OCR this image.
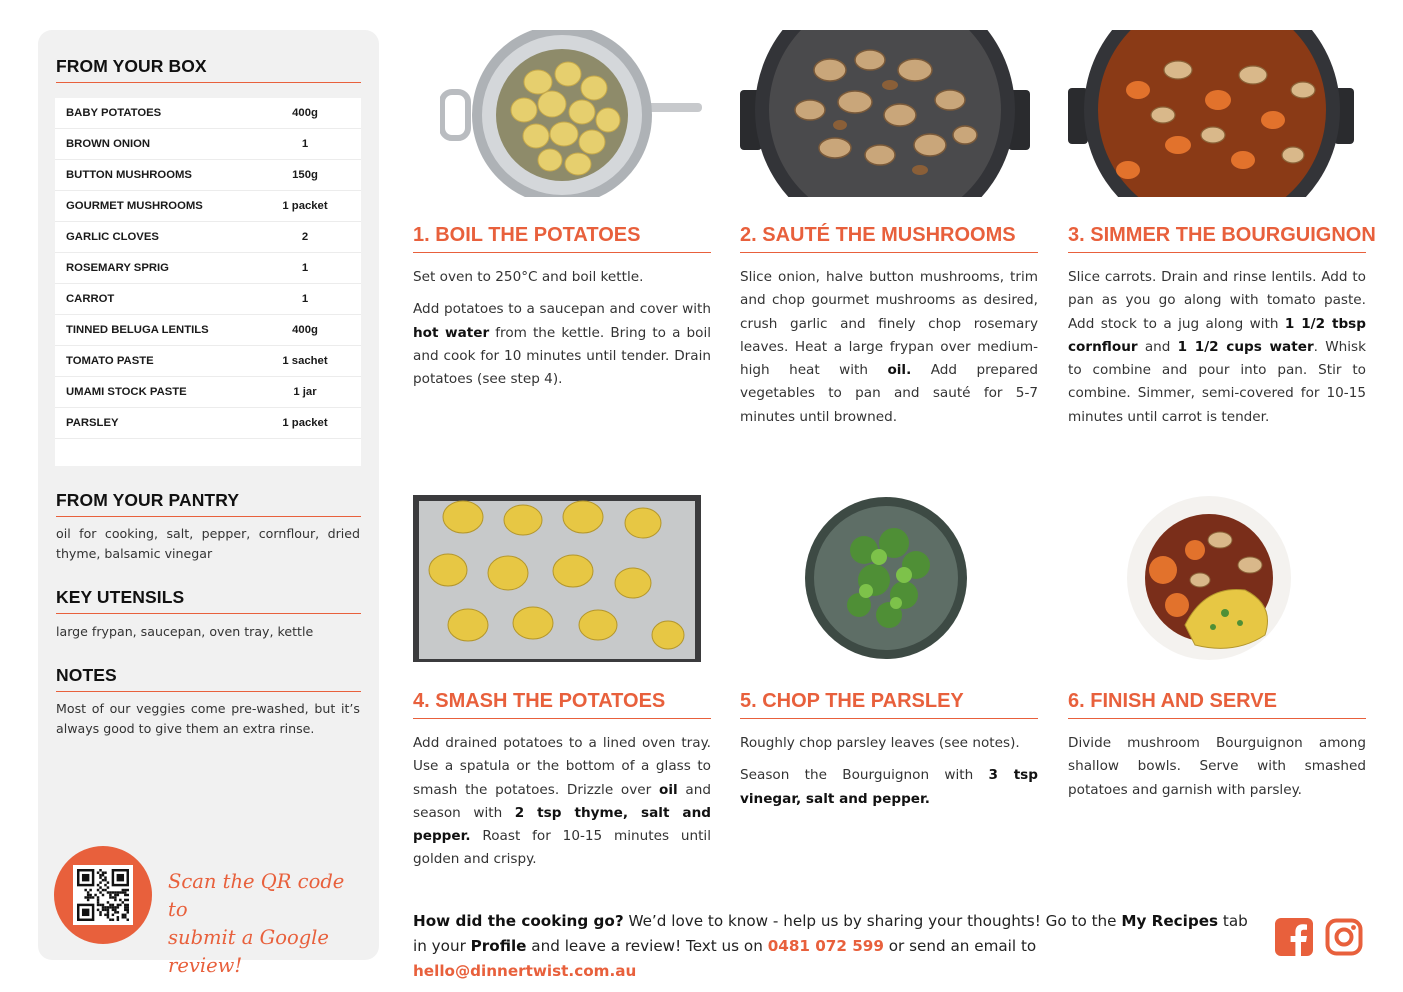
FROM YOUR BOX
BABY POTATOES	400g
BROWN ONION	1
BUTTON MUSHROOMS	150g
GOURMET MUSHROOMS	1 packet
GARLIC CLOVES	2
ROSEMARY SPRIG	1
CARROT	1
TINNED BELUGA LENTILS	400g
TOMATO PASTE	1 sachet
UMAMI STOCK PASTE	1 jar
PARSLEY	1 packet
FROM YOUR PANTRY
oil for cooking, salt, pepper, cornflour, dried thyme, balsamic vinegar
KEY UTENSILS
large frypan, saucepan, oven tray, kettle
NOTES
Most of our veggies come pre-washed, but it’s always good to give them an extra rinse.
Scan the QR code to
submit a Google review!
1. BOIL THE POTATOES

Set oven to 250°C and boil kettle.

Add potatoes to a saucepan and cover with hot water from the kettle. Bring to a boil and cook for 10 minutes until tender. Drain potatoes (see step 4).

2. SAUTÉ THE MUSHROOMS

Slice onion, halve button mushrooms, trim and chop gourmet mushrooms as desired, crush garlic and finely chop rosemary leaves. Heat a large frypan over medium-high heat with oil. Add prepared vegetables to pan and sauté for 5-7 minutes until browned.

3. SIMMER THE BOURGUIGNON

Slice carrots. Drain and rinse lentils. Add to pan as you go along with tomato paste. Add stock to a jug along with 1 1/2 tbsp cornflour and 1 1/2 cups water. Whisk to combine and pour into pan. Stir to combine. Simmer, semi-covered for 10-15 minutes until carrot is tender.

4. SMASH THE POTATOES

Add drained potatoes to a lined oven tray. Use a spatula or the bottom of a glass to smash the potatoes. Drizzle over oil and season with 2 tsp thyme, salt and pepper. Roast for 10-15 minutes until golden and crispy.

5. CHOP THE PARSLEY

Roughly chop parsley leaves (see notes).

Season the Bourguignon with 3 tsp vinegar, salt and pepper.

6. FINISH AND SERVE

Divide mushroom Bourguignon among shallow bowls. Serve with smashed potatoes and garnish with parsley.

How did the cooking go? We’d love to know - help us by sharing your thoughts! Go to the My Recipes tab in your Profile and leave a review! Text us on 0481 072 599 or send an email to hello@dinnertwist.com.au
